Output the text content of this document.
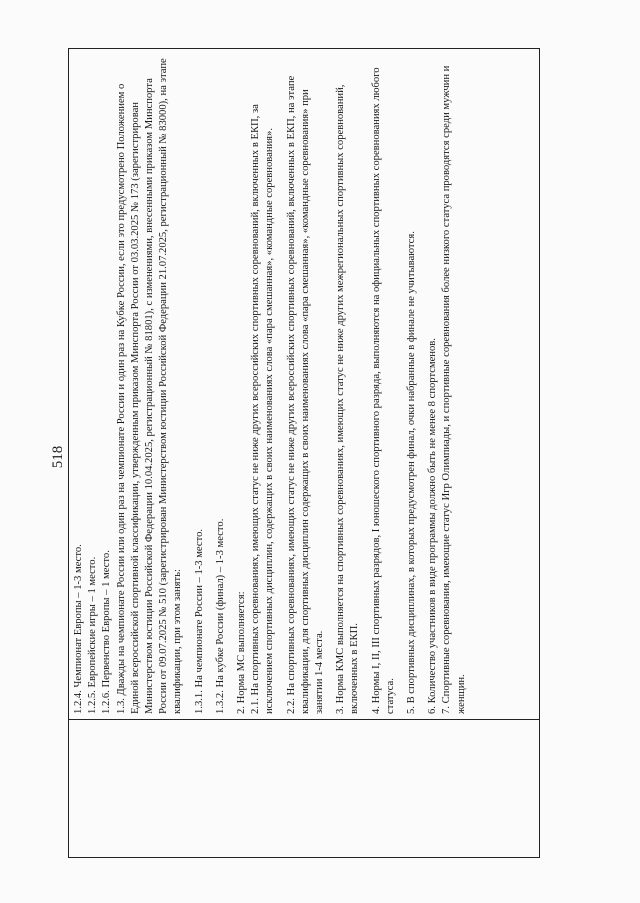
518

1.2.4. Чемпионат Европы – 1-3 место. 1.2.5. Европейские игры – 1 место. 1.2.6. Первенство Европы – 1 место. 1.3. Дважды на чемпионате России или один раз на чемпионате России и один раз на Кубке России, если это предусмотрено Положением о Единой всероссийской спортивной классификации, утвержденным приказом Минспорта России от 03.03.2025 № 173 (зарегистрирован Министерством юстиции Российской Федерации 10.04.2025, регистрационный № 81801), с изменениями, внесенными приказом Минспорта России от 09.07.2025 № 510 (зарегистрирован Министерством юстиции Российской Федерации 21.07.2025, регистрационный № 83000), на этапе квалификации, при этом занять: 1.3.1. На чемпионате России – 1-3 место. 1.3.2. На кубке России (финал) – 1-3 место. 2. Норма МС выполняется: 2.1. На спортивных соревнованиях, имеющих статус не ниже других всероссийских спортивных соревнований, включенных в ЕКП, за исключением спортивных дисциплин, содержащих в своих наименованиях слова «пара смешанная», «командные соревнования». 2.2. На спортивных соревнованиях, имеющих статус не ниже других всероссийских спортивных соревнований, включенных в ЕКП, на этапе квалификации, для спортивных дисциплин содержащих в своих наименованиях слова «пара смешанная», «командные соревнования» при занятии 1-4 места. 3. Норма КМС выполняется на спортивных соревнованиях, имеющих статус не ниже других межрегиональных спортивных соревнований, включенных в ЕКП. 4. Нормы I, II, III спортивных разрядов, I юношеского спортивного разряда, выполняются на официальных спортивных соревнованиях любого статуса. 5. В спортивных дисциплинах, в которых предусмотрен финал, очки набранные в финале не учитываются. 6. Количество участников в виде программы должно быть не менее 8 спортсменов. 7. Спортивные соревнования, имеющие статус Игр Олимпиады, и спортивные соревнования более низкого статуса проводятся среди мужчин и женщин.
